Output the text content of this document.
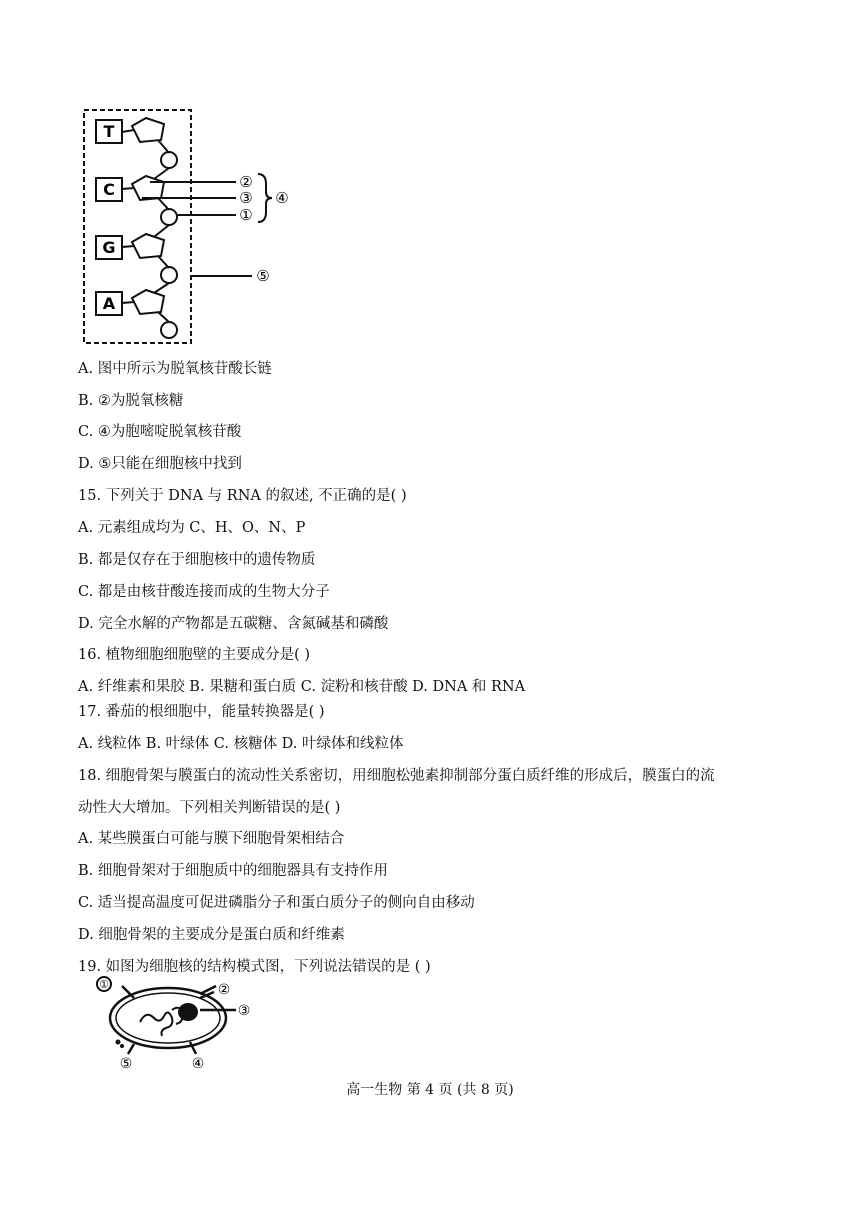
T
C
G
A
②
③
①
④
⑤
A. 图中所示为脱氧核苷酸长链
B. ②为脱氧核糖
C. ④为胞嘧啶脱氧核苷酸
D. ⑤只能在细胞核中找到
15. 下列关于 DNA 与 RNA 的叙述, 不正确的是( )
A. 元素组成均为 C、H、O、N、P
B. 都是仅存在于细胞核中的遗传物质
C. 都是由核苷酸连接而成的生物大分子
D. 完全水解的产物都是五碳糖、含氮碱基和磷酸
16. 植物细胞细胞壁的主要成分是( )
A. 纤维素和果胶 B. 果糖和蛋白质 C. 淀粉和核苷酸 D. DNA 和 RNA
17. 番茄的根细胞中，能量转换器是( )
A. 线粒体 B. 叶绿体 C. 核糖体 D. 叶绿体和线粒体
18. 细胞骨架与膜蛋白的流动性关系密切，用细胞松弛素抑制部分蛋白质纤维的形成后，膜蛋白的流
动性大大增加。下列相关判断错误的是( )
A. 某些膜蛋白可能与膜下细胞骨架相结合
B. 细胞骨架对于细胞质中的细胞器具有支持作用
C. 适当提高温度可促进磷脂分子和蛋白质分子的侧向自由移动
D. 细胞骨架的主要成分是蛋白质和纤维素
19. 如图为细胞核的结构模式图，下列说法错误的是 ( )
①	②
③
④
⑤
高一生物 第 4 页 (共 8 页)
